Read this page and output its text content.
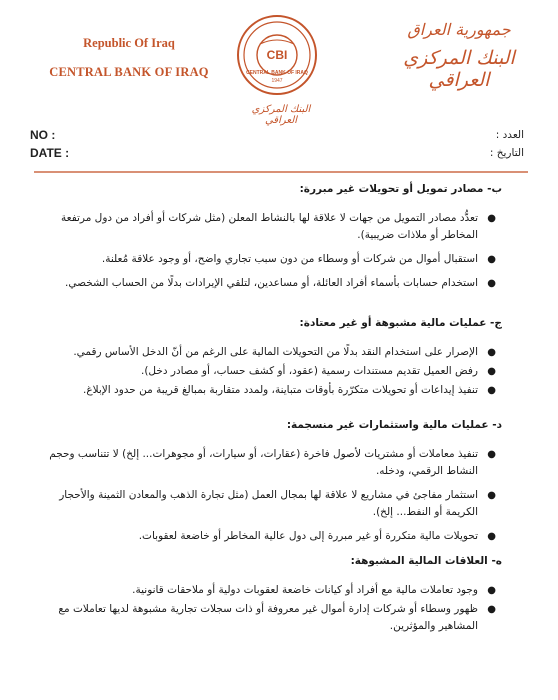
Republic Of Iraq
CENTRAL BANK OF IRAQ
CBI
CENTRAL BANK OF IRAQ
1947
البنك المركزي العراقي
جمهورية العراق
البنك المركزي العراقي
NO :
DATE :
العدد :
التاريخ :
ب- مصادر تمويل أو تحويلات غير مبررة:
●
تعدُّد مصادر التمويل من جهات لا علاقة لها بالنشاط المعلن (مثل شركات أو أفراد من دول مرتفعة المخاطر أو ملاذات ضريبية).
●
استقبال أموال من شركات أو وسطاء من دون سبب تجاري واضح، أو وجود علاقة مُعلنة.
●
استخدام حسابات بأسماء أفراد العائلة، أو مساعدين، لتلقي الإيرادات بدلًا من الحساب الشخصي.
ج- عمليات مالية مشبوهة أو غير معتادة:
●
الإصرار على استخدام النقد بدلًا من التحويلات المالية على الرغم من أنّ الدخل الأساس رقمي.
●
رفض العميل تقديم مستندات رسمية (عقود، أو كشف حساب، أو مصادر دخل).
●
تنفيذ إيداعات أو تحويلات متكرّرة بأوقات متباينة، ولمدد متقاربة بمبالغ قريبة من حدود الإبلاغ.
د- عمليات مالية واستثمارات غير منسجمة:
●
تنفيذ معاملات أو مشتريات لأصول فاخرة (عقارات، أو سيارات، أو مجوهرات... إلخ) لا تتناسب وحجم النشاط الرقمي، ودخله.
●
استثمار مفاجئ في مشاريع لا علاقة لها بمجال العمل (مثل تجارة الذهب والمعادن الثمينة والأحجار الكريمة أو النفط... إلخ).
●
تحويلات مالية متكررة أو غير مبررة إلى دول عالية المخاطر أو خاضعة لعقوبات.
ه- العلاقات المالية المشبوهة:
●
وجود تعاملات مالية مع أفراد أو كيانات خاضعة لعقوبات دولية أو ملاحقات قانونية.
●
ظهور وسطاء أو شركات إدارة أموال غير معروفة أو ذات سجلات تجارية مشبوهة لديها تعاملات مع المشاهير والمؤثرين.
